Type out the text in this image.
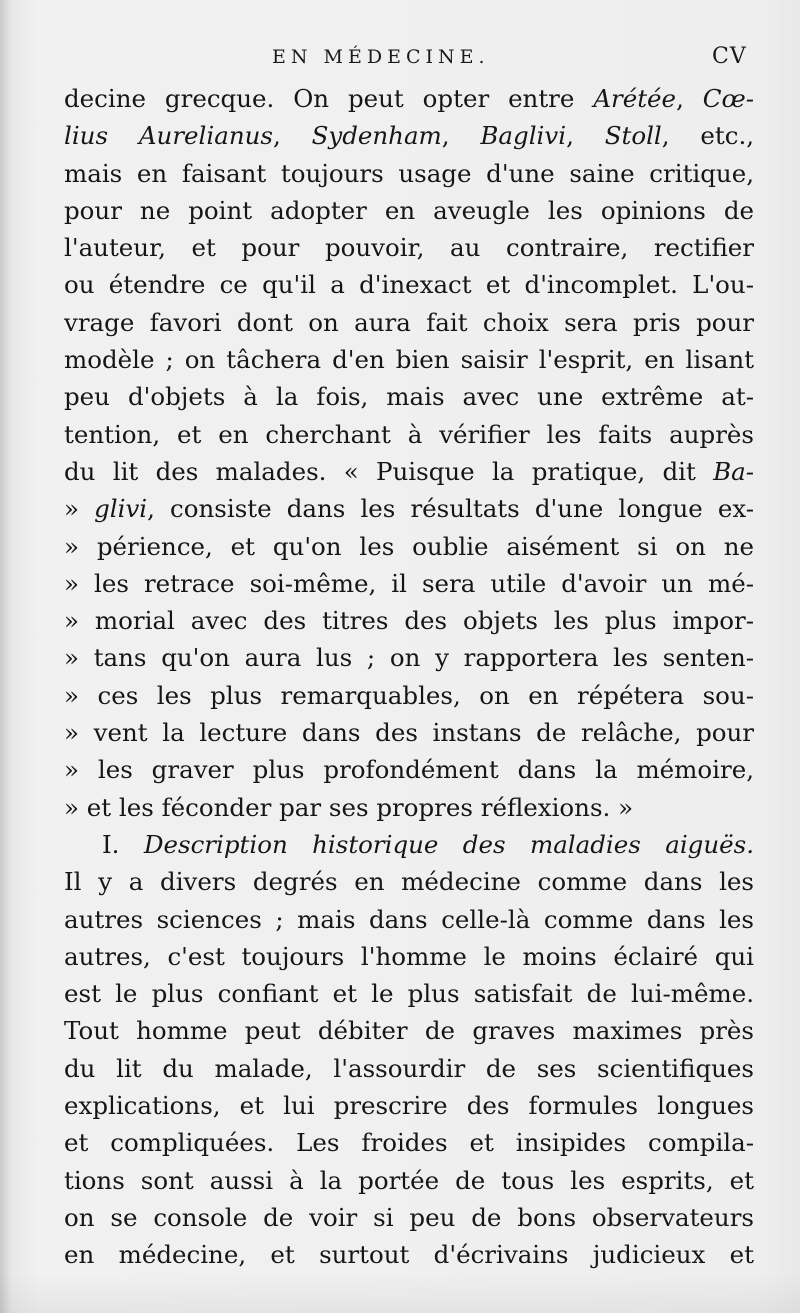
EN MÉDECINE.	CV
decine grecque. On peut opter entre Arétée, Cœ-
lius Aurelianus, Sydenham, Baglivi, Stoll, etc.,
mais en faisant toujours usage d'une saine critique,
pour ne point adopter en aveugle les opinions de
l'auteur, et pour pouvoir, au contraire, rectifier
ou étendre ce qu'il a d'inexact et d'incomplet. L'ou-
vrage favori dont on aura fait choix sera pris pour
modèle ; on tâchera d'en bien saisir l'esprit, en lisant
peu d'objets à la fois, mais avec une extrême at-
tention, et en cherchant à vérifier les faits auprès
du lit des malades. « Puisque la pratique, dit Ba-
» glivi, consiste dans les résultats d'une longue ex-
» périence, et qu'on les oublie aisément si on ne
» les retrace soi-même, il sera utile d'avoir un mé-
» morial avec des titres des objets les plus impor-
» tans qu'on aura lus ; on y rapportera les senten-
» ces les plus remarquables, on en répétera sou-
» vent la lecture dans des instans de relâche, pour
» les graver plus profondément dans la mémoire,
» et les féconder par ses propres réflexions. »
I. Description historique des maladies aiguës.
Il y a divers degrés en médecine comme dans les
autres sciences ; mais dans celle-là comme dans les
autres, c'est toujours l'homme le moins éclairé qui
est le plus confiant et le plus satisfait de lui-même.
Tout homme peut débiter de graves maximes près
du lit du malade, l'assourdir de ses scientifiques
explications, et lui prescrire des formules longues
et compliquées. Les froides et insipides compila-
tions sont aussi à la portée de tous les esprits, et
on se console de voir si peu de bons observateurs
en médecine, et surtout d'écrivains judicieux et
